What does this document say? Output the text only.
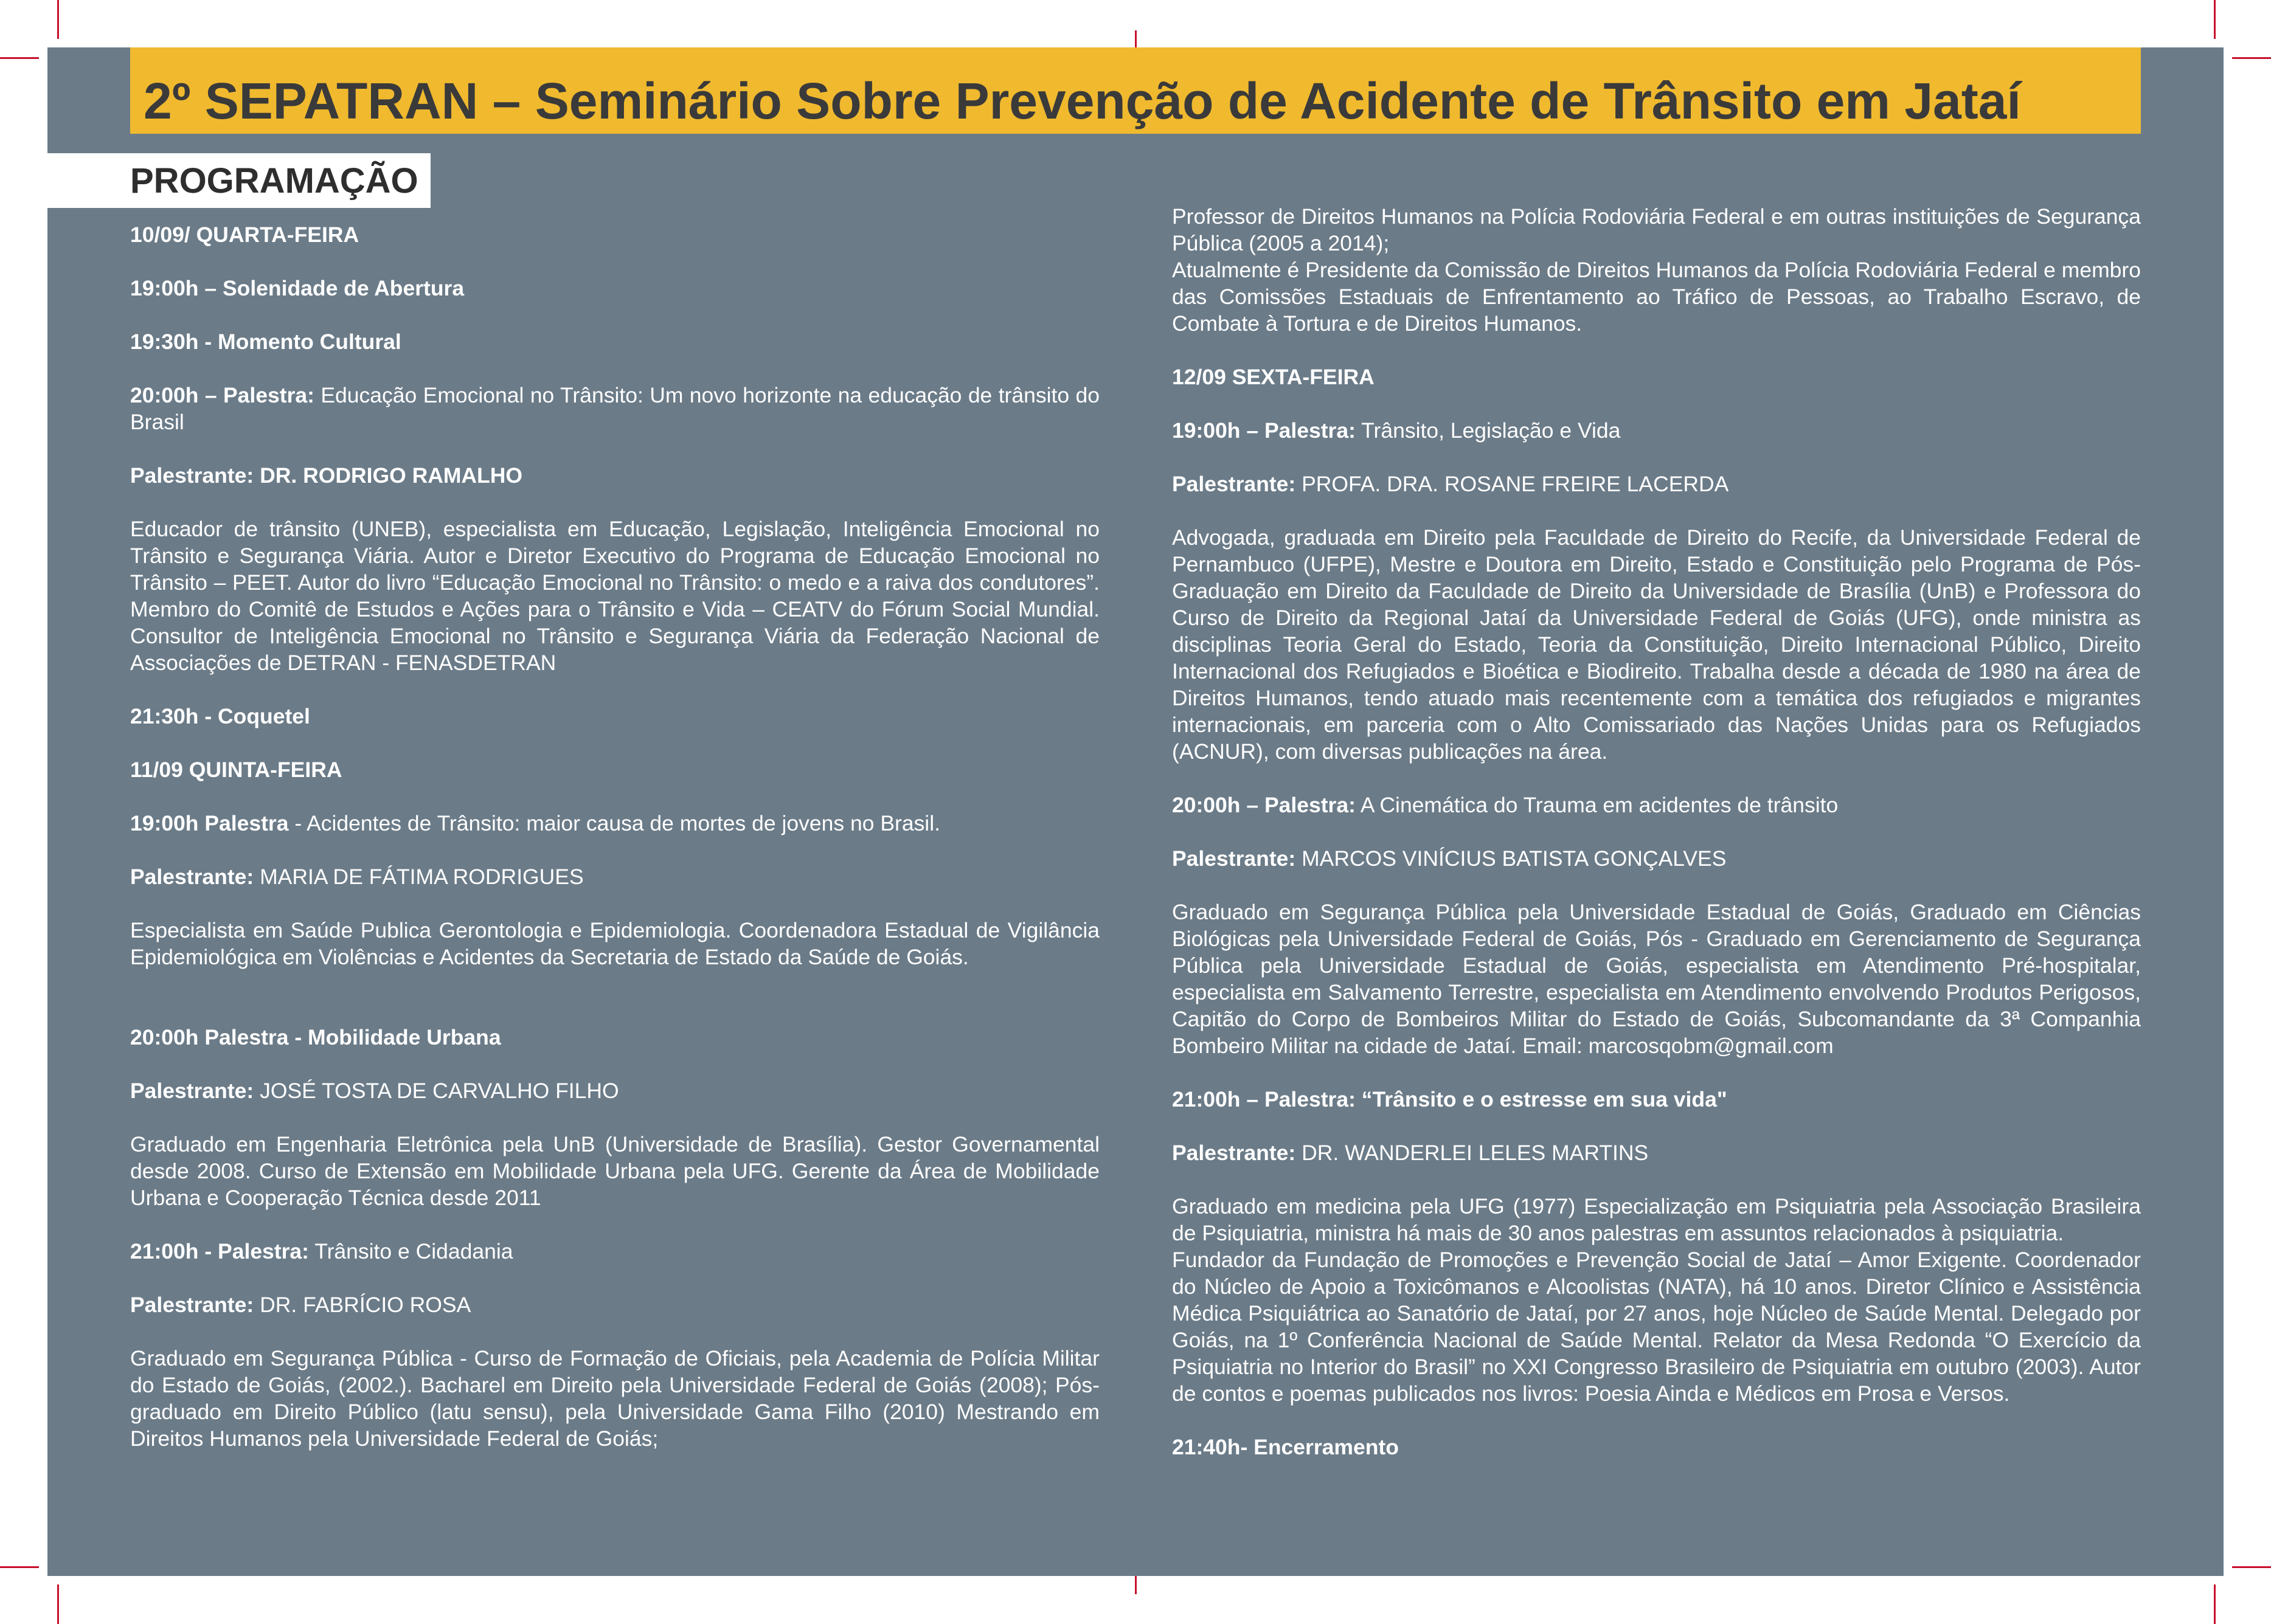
2º SEPATRAN – Seminário Sobre Prevenção de Acidente de Trânsito em Jataí
PROGRAMAÇÃO

10/09/ QUARTA-FEIRA

19:00h – Solenidade de Abertura

19:30h - Momento Cultural

20:00h – Palestra: Educação Emocional no Trânsito: Um novo horizonte na educação de trânsito do Brasil

Palestrante: DR. RODRIGO RAMALHO

Educador de trânsito (UNEB), especialista em Educação, Legislação, Inteligência Emocional no Trânsito e Segurança Viária. Autor e Diretor Executivo do Programa de Educação Emocional no Trânsito – PEET. Autor do livro “Educação Emocional no Trânsito: o medo e a raiva dos condutores”. Membro do Comitê de Estudos e Ações para o Trânsito e Vida – CEATV do Fórum Social Mundial. Consultor de Inteligência Emocional no Trânsito e Segurança Viária da Federação Nacional de Associações de DETRAN - FENASDETRAN

21:30h - Coquetel

11/09 QUINTA-FEIRA

19:00h Palestra - Acidentes de Trânsito: maior causa de mortes de jovens no Brasil.

Palestrante: MARIA DE FÁTIMA RODRIGUES

Especialista em Saúde Publica Gerontologia e Epidemiologia. Coordenadora Estadual de Vigilância Epidemiológica em Violências e Acidentes da Secretaria de Estado da Saúde de Goiás.

20:00h Palestra - Mobilidade Urbana

Palestrante: JOSÉ TOSTA DE CARVALHO FILHO

Graduado em Engenharia Eletrônica pela UnB (Universidade de Brasília). Gestor Governamental desde 2008. Curso de Extensão em Mobilidade Urbana pela UFG. Gerente da Área de Mobilidade Urbana e Cooperação Técnica desde 2011

21:00h - Palestra: Trânsito e Cidadania

Palestrante: DR. FABRÍCIO ROSA

Graduado em Segurança Pública - Curso de Formação de Oficiais, pela Academia de Polícia Militar do Estado de Goiás, (2002.). Bacharel em Direito pela Universidade Federal de Goiás (2008); Pós-graduado em Direito Público (latu sensu), pela Universidade Gama Filho (2010) Mestrando em Direitos Humanos pela Universidade Federal de Goiás;

Professor de Direitos Humanos na Polícia Rodoviária Federal e em outras instituições de Segurança Pública (2005 a 2014);

Atualmente é Presidente da Comissão de Direitos Humanos da Polícia Rodoviária Federal e membro das Comissões Estaduais de Enfrentamento ao Tráfico de Pessoas, ao Trabalho Escravo, de Combate à Tortura e de Direitos Humanos.

12/09 SEXTA-FEIRA

19:00h – Palestra: Trânsito, Legislação e Vida

Palestrante: PROFA. DRA. ROSANE FREIRE LACERDA

Advogada, graduada em Direito pela Faculdade de Direito do Recife, da Universidade Federal de Pernambuco (UFPE), Mestre e Doutora em Direito, Estado e Constituição pelo Programa de Pós-Graduação em Direito da Faculdade de Direito da Universidade de Brasília (UnB) e Professora do Curso de Direito da Regional Jataí da Universidade Federal de Goiás (UFG), onde ministra as disciplinas Teoria Geral do Estado, Teoria da Constituição, Direito Internacional Público, Direito Internacional dos Refugiados e Bioética e Biodireito. Trabalha desde a década de 1980 na área de Direitos Humanos, tendo atuado mais recentemente com a temática dos refugiados e migrantes internacionais, em parceria com o Alto Comissariado das Nações Unidas para os Refugiados (ACNUR), com diversas publicações na área.

20:00h – Palestra: A Cinemática do Trauma em acidentes de trânsito

Palestrante: MARCOS VINÍCIUS BATISTA GONÇALVES

Graduado em Segurança Pública pela Universidade Estadual de Goiás, Graduado em Ciências Biológicas pela Universidade Federal de Goiás, Pós - Graduado em Gerenciamento de Segurança Pública pela Universidade Estadual de Goiás, especialista em Atendimento Pré-hospitalar, especialista em Salvamento Terrestre, especialista em Atendimento envolvendo Produtos Perigosos, Capitão do Corpo de Bombeiros Militar do Estado de Goiás, Subcomandante da 3ª Companhia Bombeiro Militar na cidade de Jataí. Email: marcosqobm@gmail.com

21:00h – Palestra: “Trânsito e o estresse em sua vida"

Palestrante: DR. WANDERLEI LELES MARTINS

Graduado em medicina pela UFG (1977) Especialização em Psiquiatria pela Associação Brasileira de Psiquiatria, ministra há mais de 30 anos palestras em assuntos relacionados à psiquiatria.

Fundador da Fundação de Promoções e Prevenção Social de Jataí – Amor Exigente. Coordenador do Núcleo de Apoio a Toxicômanos e Alcoolistas (NATA), há 10 anos. Diretor Clínico e Assistência Médica Psiquiátrica ao Sanatório de Jataí, por 27 anos, hoje Núcleo de Saúde Mental. Delegado por Goiás, na 1º Conferência Nacional de Saúde Mental. Relator da Mesa Redonda “O Exercício da Psiquiatria no Interior do Brasil” no XXI Congresso Brasileiro de Psiquiatria em outubro (2003). Autor de contos e poemas publicados nos livros: Poesia Ainda e Médicos em Prosa e Versos.

21:40h- Encerramento
